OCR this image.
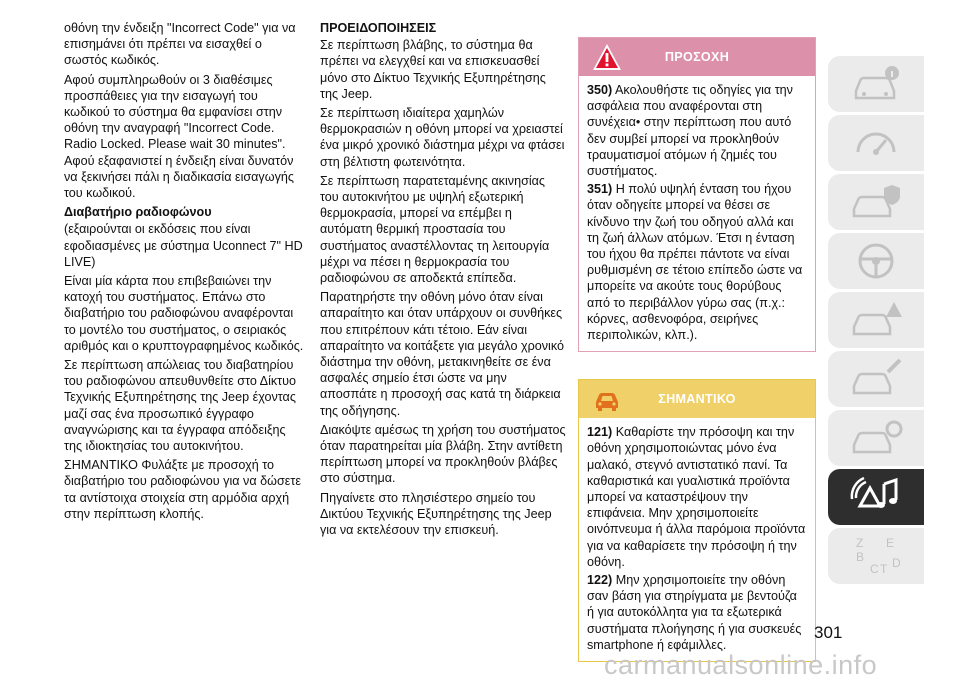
οθόνη την ένδειξη "Incorrect Code" για να επισημάνει ότι πρέπει να εισαχθεί ο σωστός κωδικός.

Αφού συμπληρωθούν οι 3 διαθέσιμες προσπάθειες για την εισαγωγή του κωδικού το σύστημα θα εμφανίσει στην οθόνη την αναγραφή "Incorrect Code. Radio Locked. Please wait 30 minutes". Αφού εξαφανιστεί η ένδειξη είναι δυνατόν να ξεκινήσει πάλι η διαδικασία εισαγωγής του κωδικού.

Διαβατήριο ραδιοφώνου

(εξαιρούνται οι εκδόσεις που είναι εφοδιασμένες με σύστημα Uconnect 7" HD LIVE)

Είναι μία κάρτα που επιβεβαιώνει την κατοχή του συστήματος. Επάνω στο διαβατήριο του ραδιοφώνου αναφέρονται το μοντέλο του συστήματος, ο σειριακός αριθμός και ο κρυπτογραφημένος κωδικός.

Σε περίπτωση απώλειας του διαβατηρίου του ραδιοφώνου απευθυνθείτε στο Δίκτυο Τεχνικής Εξυπηρέτησης της Jeep έχοντας μαζί σας ένα προσωπικό έγγραφο αναγνώρισης και τα έγγραφα απόδειξης της ιδιοκτησίας του αυτοκινήτου.

ΣΗΜΑΝΤΙΚΟ Φυλάξτε με προσοχή το διαβατήριο του ραδιοφώνου για να δώσετε τα αντίστοιχα στοιχεία στη αρμόδια αρχή στην περίπτωση κλοπής.

ΠΡΟΕΙΔΟΠΟΙΗΣΕΙΣ

Σε περίπτωση βλάβης, το σύστημα θα πρέπει να ελεγχθεί και να επισκευασθεί μόνο στο Δίκτυο Τεχνικής Εξυπηρέτησης της Jeep.

Σε περίπτωση ιδιαίτερα χαμηλών θερμοκρασιών η οθόνη μπορεί να χρειαστεί ένα μικρό χρονικό διάστημα μέχρι να φτάσει στη βέλτιστη φωτεινότητα.

Σε περίπτωση παρατεταμένης ακινησίας του αυτοκινήτου με υψηλή εξωτερική θερμοκρασία, μπορεί να επέμβει η αυτόματη θερμική προστασία του συστήματος αναστέλλοντας τη λειτουργία μέχρι να πέσει η θερμοκρασία του ραδιοφώνου σε αποδεκτά επίπεδα.

Παρατηρήστε την οθόνη μόνο όταν είναι απαραίτητο και όταν υπάρχουν οι συνθήκες που επιτρέπουν κάτι τέτοιο. Εάν είναι απαραίτητο να κοιτάξετε για μεγάλο χρονικό διάστημα την οθόνη, μετακινηθείτε σε ένα ασφαλές σημείο έτσι ώστε να μην αποσπάτε η προσοχή σας κατά τη διάρκεια της οδήγησης.

Διακόψτε αμέσως τη χρήση του συστήματος όταν παρατηρείται μία βλάβη. Στην αντίθετη περίπτωση μπορεί να προκληθούν βλάβες στο σύστημα.

Πηγαίνετε στο πλησιέστερο σημείο του Δικτύου Τεχνικής Εξυπηρέτησης της Jeep για να εκτελέσουν την επισκευή.

ΠΡΟΣΟΧΗ

350) Ακολουθήστε τις οδηγίες για την ασφάλεια που αναφέρονται στη συνέχεια• στην περίπτωση που αυτό δεν συμβεί μπορεί να προκληθούν τραυματισμοί ατόμων ή ζημιές του συστήματος.

351) Η πολύ υψηλή ένταση του ήχου όταν οδηγείτε μπορεί να θέσει σε κίνδυνο την ζωή του οδηγού αλλά και τη ζωή άλλων ατόμων. Έτσι η ένταση του ήχου θα πρέπει πάντοτε να είναι ρυθμισμένη σε τέτοιο επίπεδο ώστε να μπορείτε να ακούτε τους θορύβους από το περιβάλλον γύρω σας (π.χ.: κόρνες, ασθενοφόρα, σειρήνες περιπολικών, κλπ.).

ΣΗΜΑΝΤΙΚΟ

121) Καθαρίστε την πρόσοψη και την οθόνη χρησιμοποιώντας μόνο ένα μαλακό, στεγνό αντιστατικό πανί. Τα καθαριστικά και γυαλιστικά προϊόντα μπορεί να καταστρέψουν την επιφάνεια. Μην χρησιμοποιείτε οινόπνευμα ή άλλα παρόμοια προϊόντα για να καθαρίσετε την πρόσοψη ή την οθόνη.

122) Μην χρησιμοποιείτε την οθόνη σαν βάση για στηρίγματα με βεντούζα ή για αυτοκόλλητα για τα εξωτερικά συστήματα πλοήγησης ή για συσκευές smartphone ή εφάμιλλες.

Z
B
E
C T D
301
carmanualsonline.info
